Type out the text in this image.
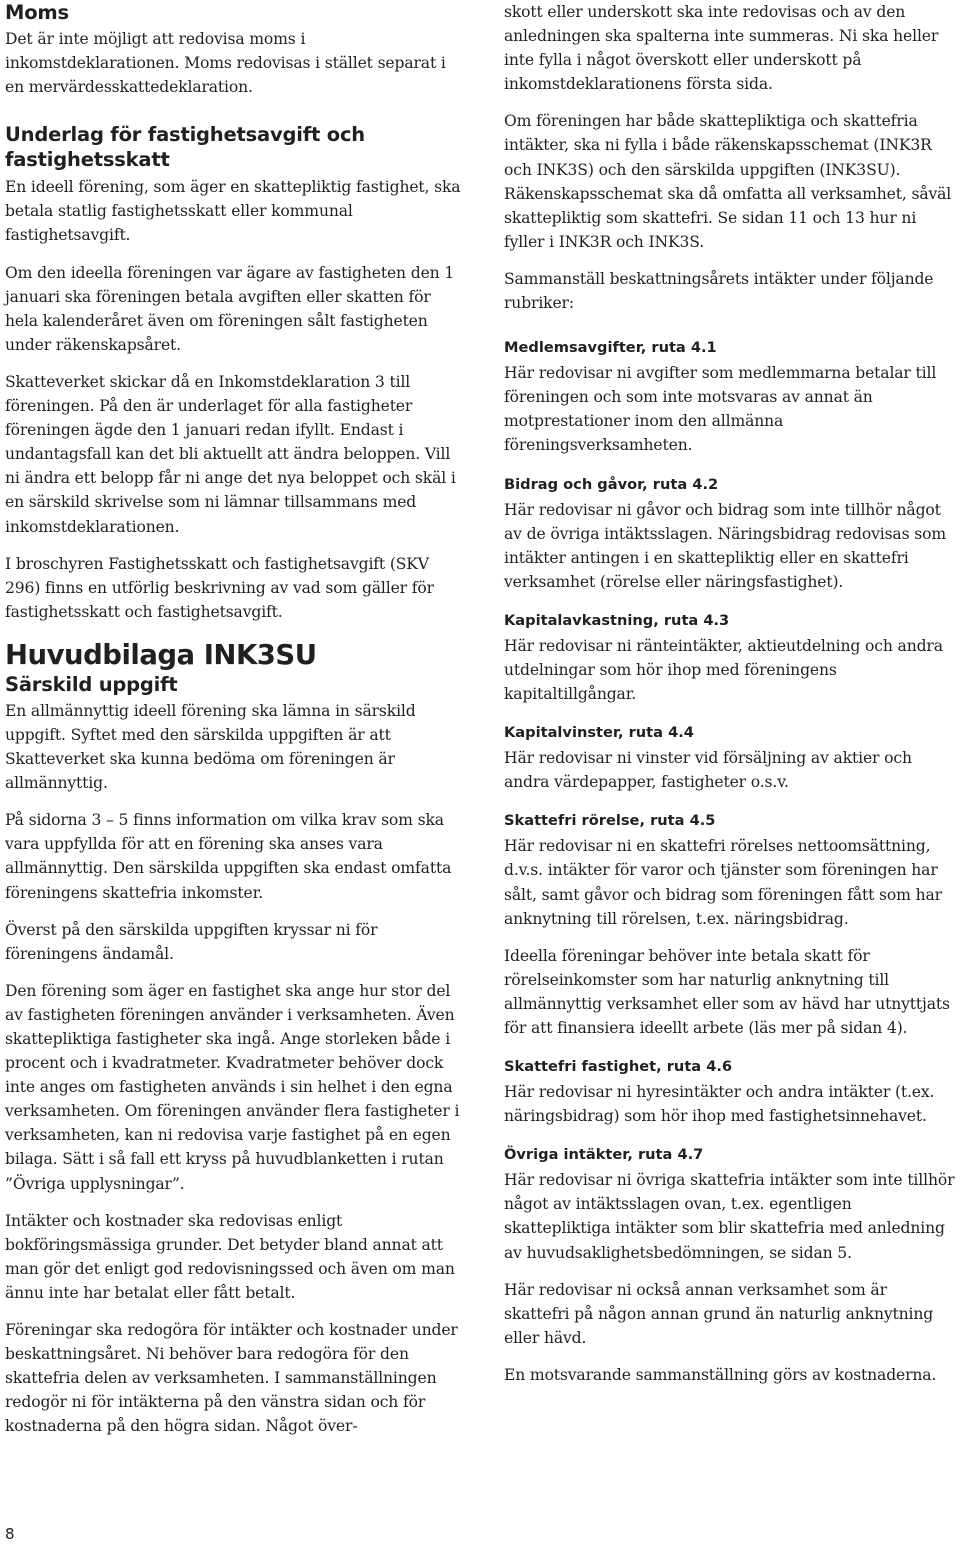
Moms

Det är inte möjligt att redovisa moms i inkomstdeklarationen. Moms redovisas i stället separat i en mervärdesskattedeklaration.

Underlag för fastighetsavgift och fastighetsskatt

En ideell förening, som äger en skattepliktig fastighet, ska betala statlig fastighetsskatt eller kommunal fastighetsavgift.

Om den ideella föreningen var ägare av fastigheten den 1 januari ska föreningen betala avgiften eller skatten för hela kalenderåret även om föreningen sålt fastigheten under räkenskapsåret.

Skatteverket skickar då en Inkomstdeklaration 3 till föreningen. På den är underlaget för alla fastigheter föreningen ägde den 1 januari redan ifyllt. Endast i undantagsfall kan det bli aktuellt att ändra beloppen. Vill ni ändra ett belopp får ni ange det nya beloppet och skäl i en särskild skrivelse som ni lämnar tillsammans med inkomstdeklarationen.

I broschyren Fastighetsskatt och fastighetsavgift (SKV 296) finns en utförlig beskrivning av vad som gäller för fastighetsskatt och fastighetsavgift.

Huvudbilaga INK3SU
Särskild uppgift

En allmännyttig ideell förening ska lämna in särskild uppgift. Syftet med den särskilda uppgiften är att Skatteverket ska kunna bedöma om föreningen är allmännyttig.

På sidorna 3 – 5 finns information om vilka krav som ska vara uppfyllda för att en förening ska anses vara allmännyttig. Den särskilda uppgiften ska endast omfatta föreningens skattefria inkomster.

Överst på den särskilda uppgiften kryssar ni för föreningens ändamål.

Den förening som äger en fastighet ska ange hur stor del av fastigheten föreningen använder i verksamheten. Även skattepliktiga fastigheter ska ingå. Ange storleken både i procent och i kvadratmeter. Kvadratmeter behöver dock inte anges om fastigheten används i sin helhet i den egna verksamheten. Om föreningen använder flera fastigheter i verksamheten, kan ni redovisa varje fastighet på en egen bilaga. Sätt i så fall ett kryss på huvudblanketten i rutan ”Övriga upplysningar”.

Intäkter och kostnader ska redovisas enligt bokföringsmässiga grunder. Det betyder bland annat att man gör det enligt god redovisningssed och även om man ännu inte har betalat eller fått betalt.

Föreningar ska redogöra för intäkter och kostnader under beskattningsåret. Ni behöver bara redogöra för den skattefria delen av verksamheten. I sammanställningen redogör ni för intäkterna på den vänstra sidan och för kostnaderna på den högra sidan. Något över-

skott eller underskott ska inte redovisas och av den anledningen ska spalterna inte summeras. Ni ska heller inte fylla i något överskott eller underskott på inkomstdeklarationens första sida.

Om föreningen har både skattepliktiga och skattefria intäkter, ska ni fylla i både räkenskapsschemat (INK3R och INK3S) och den särskilda uppgiften (INK3SU). Räkenskapsschemat ska då omfatta all verksamhet, såväl skattepliktig som skattefri. Se sidan 11 och 13 hur ni fyller i INK3R och INK3S.

Sammanställ beskattningsårets intäkter under följande rubriker:

Medlemsavgifter, ruta 4.1

Här redovisar ni avgifter som medlemmarna betalar till föreningen och som inte motsvaras av annat än motprestationer inom den allmänna föreningsverksamheten.

Bidrag och gåvor, ruta 4.2

Här redovisar ni gåvor och bidrag som inte tillhör något av de övriga intäktsslagen. Näringsbidrag redovisas som intäkter antingen i en skattepliktig eller en skattefri verksamhet (rörelse eller näringsfastighet).

Kapitalavkastning, ruta 4.3

Här redovisar ni ränteintäkter, aktieutdelning och andra utdelningar som hör ihop med föreningens kapitaltillgångar.

Kapitalvinster, ruta 4.4

Här redovisar ni vinster vid försäljning av aktier och andra värdepapper, fastigheter o.s.v.

Skattefri rörelse, ruta 4.5

Här redovisar ni en skattefri rörelses nettoomsättning, d.v.s. intäkter för varor och tjänster som föreningen har sålt, samt gåvor och bidrag som föreningen fått som har anknytning till rörelsen, t.ex. näringsbidrag.

Ideella föreningar behöver inte betala skatt för rörelseinkomster som har naturlig anknytning till allmännyttig verksamhet eller som av hävd har utnyttjats för att finansiera ideellt arbete (läs mer på sidan 4).

Skattefri fastighet, ruta 4.6

Här redovisar ni hyresintäkter och andra intäkter (t.ex. näringsbidrag) som hör ihop med fastighetsinnehavet.

Övriga intäkter, ruta 4.7

Här redovisar ni övriga skattefria intäkter som inte tillhör något av intäktsslagen ovan, t.ex. egentligen skattepliktiga intäkter som blir skattefria med anledning av huvudsaklighetsbedömningen, se sidan 5.

Här redovisar ni också annan verksamhet som är skattefri på någon annan grund än naturlig anknytning eller hävd.

En motsvarande sammanställning görs av kostnaderna.

8
